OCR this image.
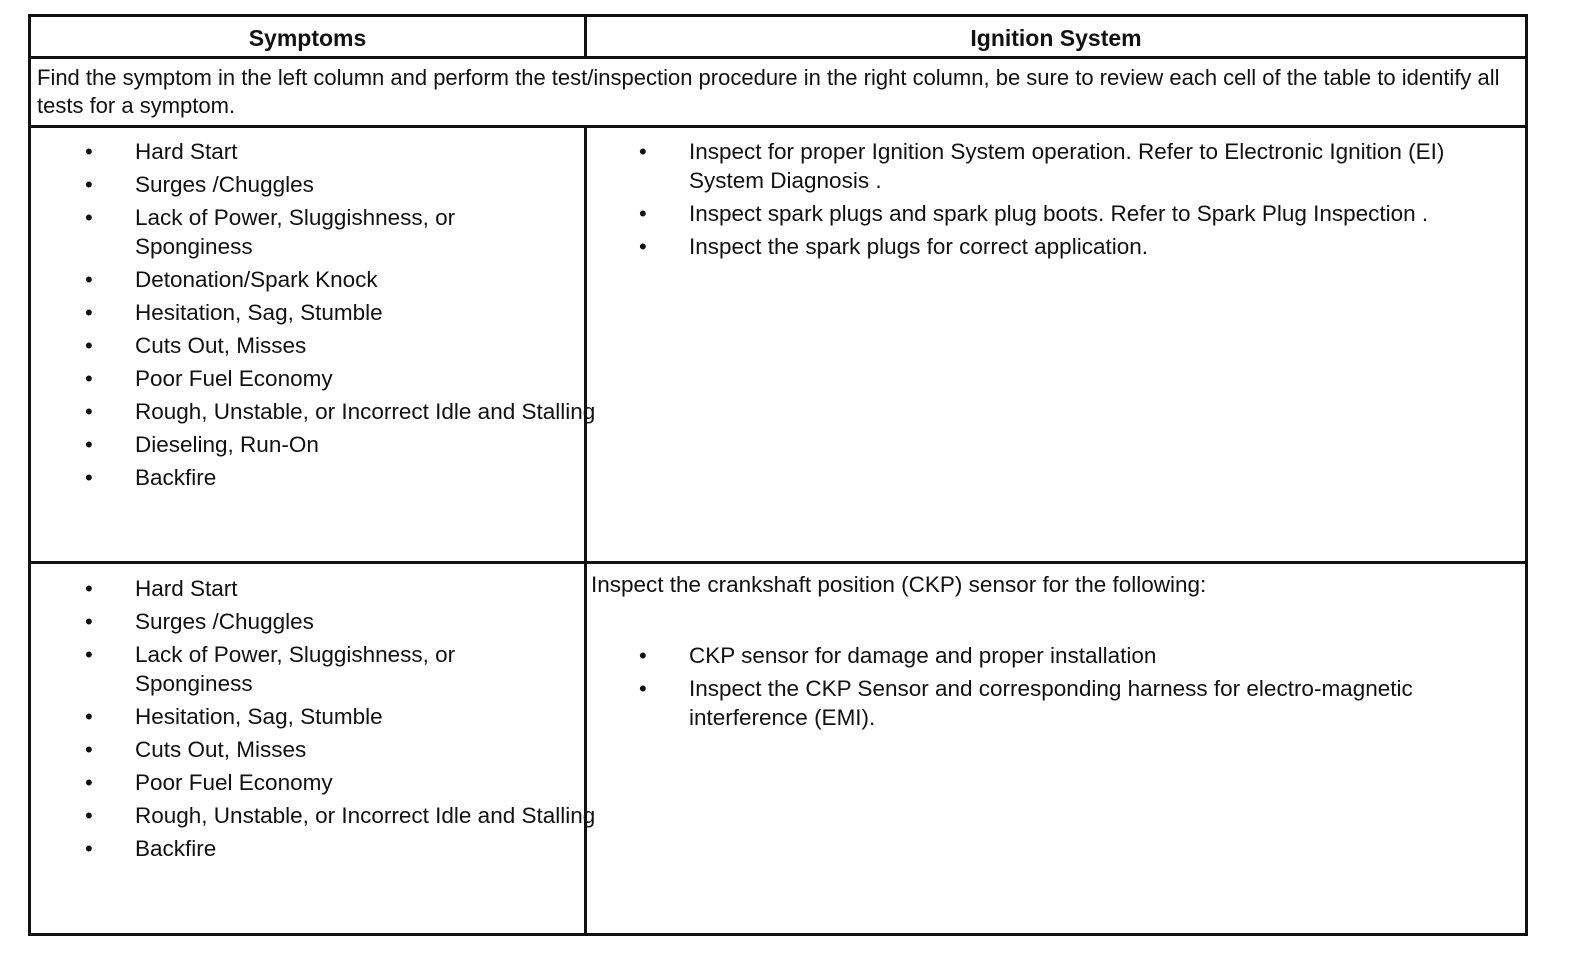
Symptoms	Ignition System
Find the symptom in the left column and perform the test/inspection procedure in the right column, be sure to review each cell of the table to identify all tests for a symptom.
• Hard Start
• Surges /Chuggles
• Lack of Power, Sluggishness, or Sponginess
• Detonation/Spark Knock
• Hesitation, Sag, Stumble
• Cuts Out, Misses
• Poor Fuel Economy
• Rough, Unstable, or Incorrect Idle and Stalling
• Dieseling, Run-On
• Backfire
• Inspect for proper Ignition System operation. Refer to Electronic Ignition (EI) System Diagnosis .
• Inspect spark plugs and spark plug boots. Refer to Spark Plug Inspection .
• Inspect the spark plugs for correct application.
• Hard Start
• Surges /Chuggles
• Lack of Power, Sluggishness, or Sponginess
• Hesitation, Sag, Stumble
• Cuts Out, Misses
• Poor Fuel Economy
• Rough, Unstable, or Incorrect Idle and Stalling
• Backfire
Inspect the crankshaft position (CKP) sensor for the following:
• CKP sensor for damage and proper installation
• Inspect the CKP Sensor and corresponding harness for electro-magnetic interference (EMI).
